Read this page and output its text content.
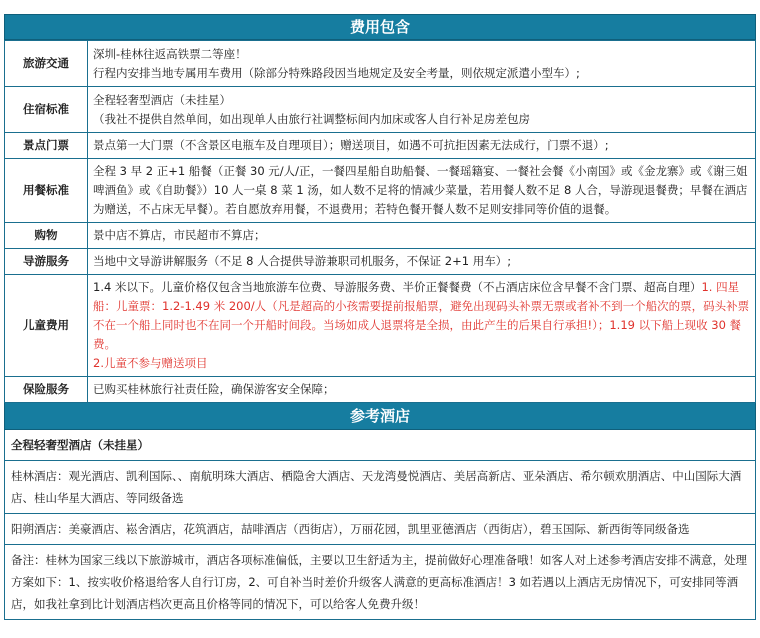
费用包含
旅游交通	深圳-桂林往返高铁票二等座！
行程内安排当地专属用车费用（除部分特殊路段因当地规定及安全考量，则依规定派遣小型车）;

住宿标准	全程轻奢型酒店（未挂星）
（我社不提供自然单间，如出现单人由旅行社调整标间内加床或客人自行补足房差包房

景点门票	景点第一大门票（不含景区电瓶车及自理项目）；赠送项目，如遇不可抗拒因素无法成行，门票不退）;
用餐标准	全程 3 早 2 正+1 船餐（正餐 30 元/人/正，一餐四星船自助船餐、一餐瑶籍宴、一餐社会餐《小南国》或《金龙寨》或《谢三姐啤酒鱼》或《自助餐》）10 人一桌 8 菜 1 汤，如人数不足将的情减少菜量，若用餐人数不足 8 人合，导游现退餐费；早餐在酒店为赠送，不占床无早餐）。若自愿放弃用餐，不退费用；若特色餐开餐人数不足则安排同等价值的退餐。
购物	景中店不算店，市民超市不算店；
导游服务	当地中文导游讲解服务（不足 8 人合提供导游兼职司机服务，不保证 2+1 用车）;
儿童费用	1.4 米以下。儿童价格仅包含当地旅游车位费、导游服务费、半价正餐餐费（不占酒店床位含早餐不含门票、超高自理）1. 四星船：儿童票：1.2-1.49 米 200/人（凡是超高的小孩需要提前报船票，避免出现码头补票无票或者补不到一个船次的票，码头补票不在一个船上同时也不在同一个开船时间段。当场如成人退票将是全损，由此产生的后果自行承担!）；1.19 以下船上现收 30 餐费。
2.儿童不参与赠送项目

保险服务	已购买桂林旅行社责任险，确保游客安全保障；
参考酒店
全程轻奢型酒店（未挂星）
桂林酒店：观光酒店、凯利国际、、南航明珠大酒店、栖隐舍大酒店、天龙湾曼悦酒店、美居高新店、亚朵酒店、希尔顿欢朋酒店、中山国际大酒店、桂山华星大酒店、等同级备选
阳朔酒店：美豪酒店、崧舍酒店，花筑酒店，喆啡酒店（西街店），万丽花园，凯里亚德酒店（西街店），碧玉国际、新西街等同级备选
备注：桂林为国家三线以下旅游城市，酒店各项标准偏低，主要以卫生舒适为主，提前做好心理准备哦！如客人对上述参考酒店安排不满意，处理方案如下：1、按实收价格退给客人自行订房，2、可自补当时差价升级客人满意的更高标准酒店！3 如若遇以上酒店无房情况下，可安排同等酒店，如我社拿到比计划酒店档次更高且价格等同的情况下，可以给客人免费升级！
